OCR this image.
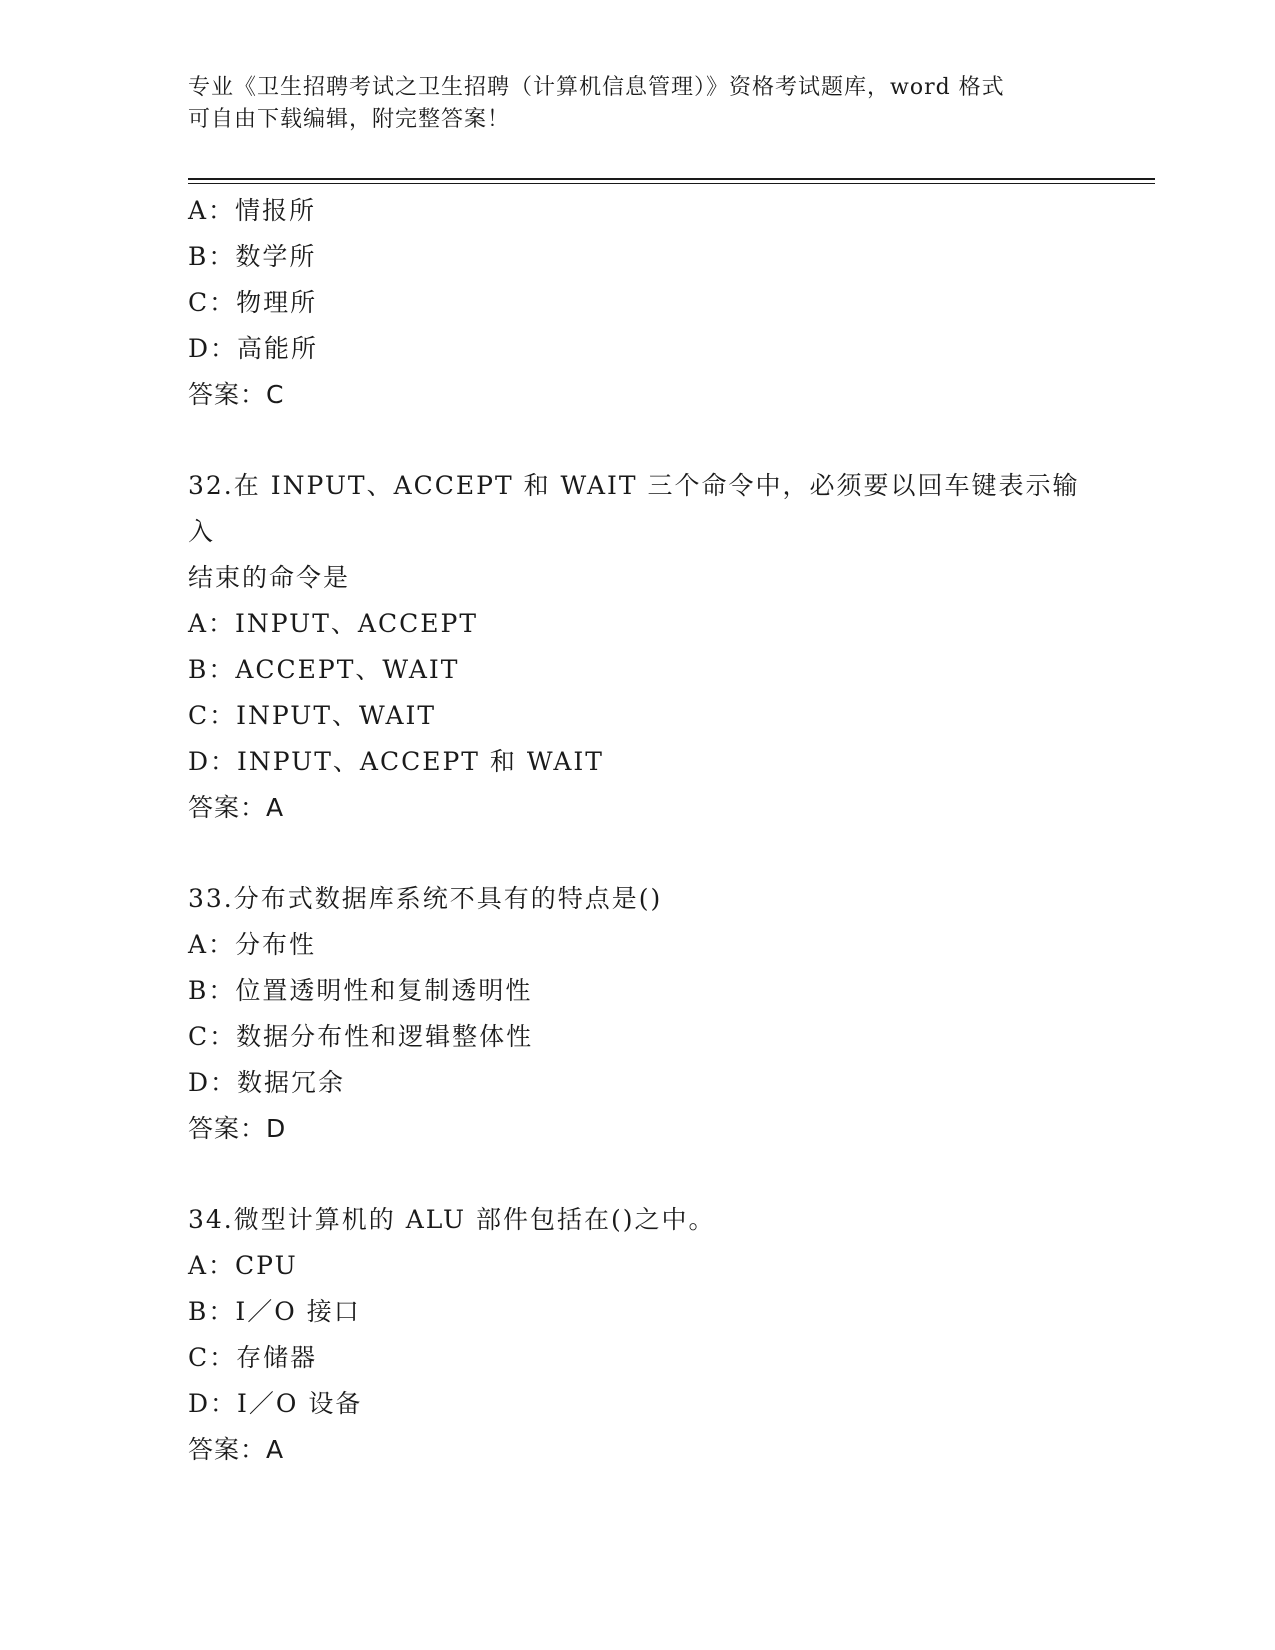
专业《卫生招聘考试之卫生招聘（计算机信息管理）》资格考试题库，word 格式
可自由下载编辑，附完整答案！
A：情报所
B：数学所
C：物理所
D：高能所
答案：C
32.在 INPUT、ACCEPT 和 WAIT 三个命令中，必须要以回车键表示输入
结束的命令是
A：INPUT、ACCEPT
B：ACCEPT、WAIT
C：INPUT、WAIT
D：INPUT、ACCEPT 和 WAIT
答案：A
33.分布式数据库系统不具有的特点是()
A：分布性
B：位置透明性和复制透明性
C：数据分布性和逻辑整体性
D：数据冗余
答案：D
34.微型计算机的 ALU 部件包括在()之中。
A：CPU
B：I／O 接口
C：存储器
D：I／O 设备
答案：A
